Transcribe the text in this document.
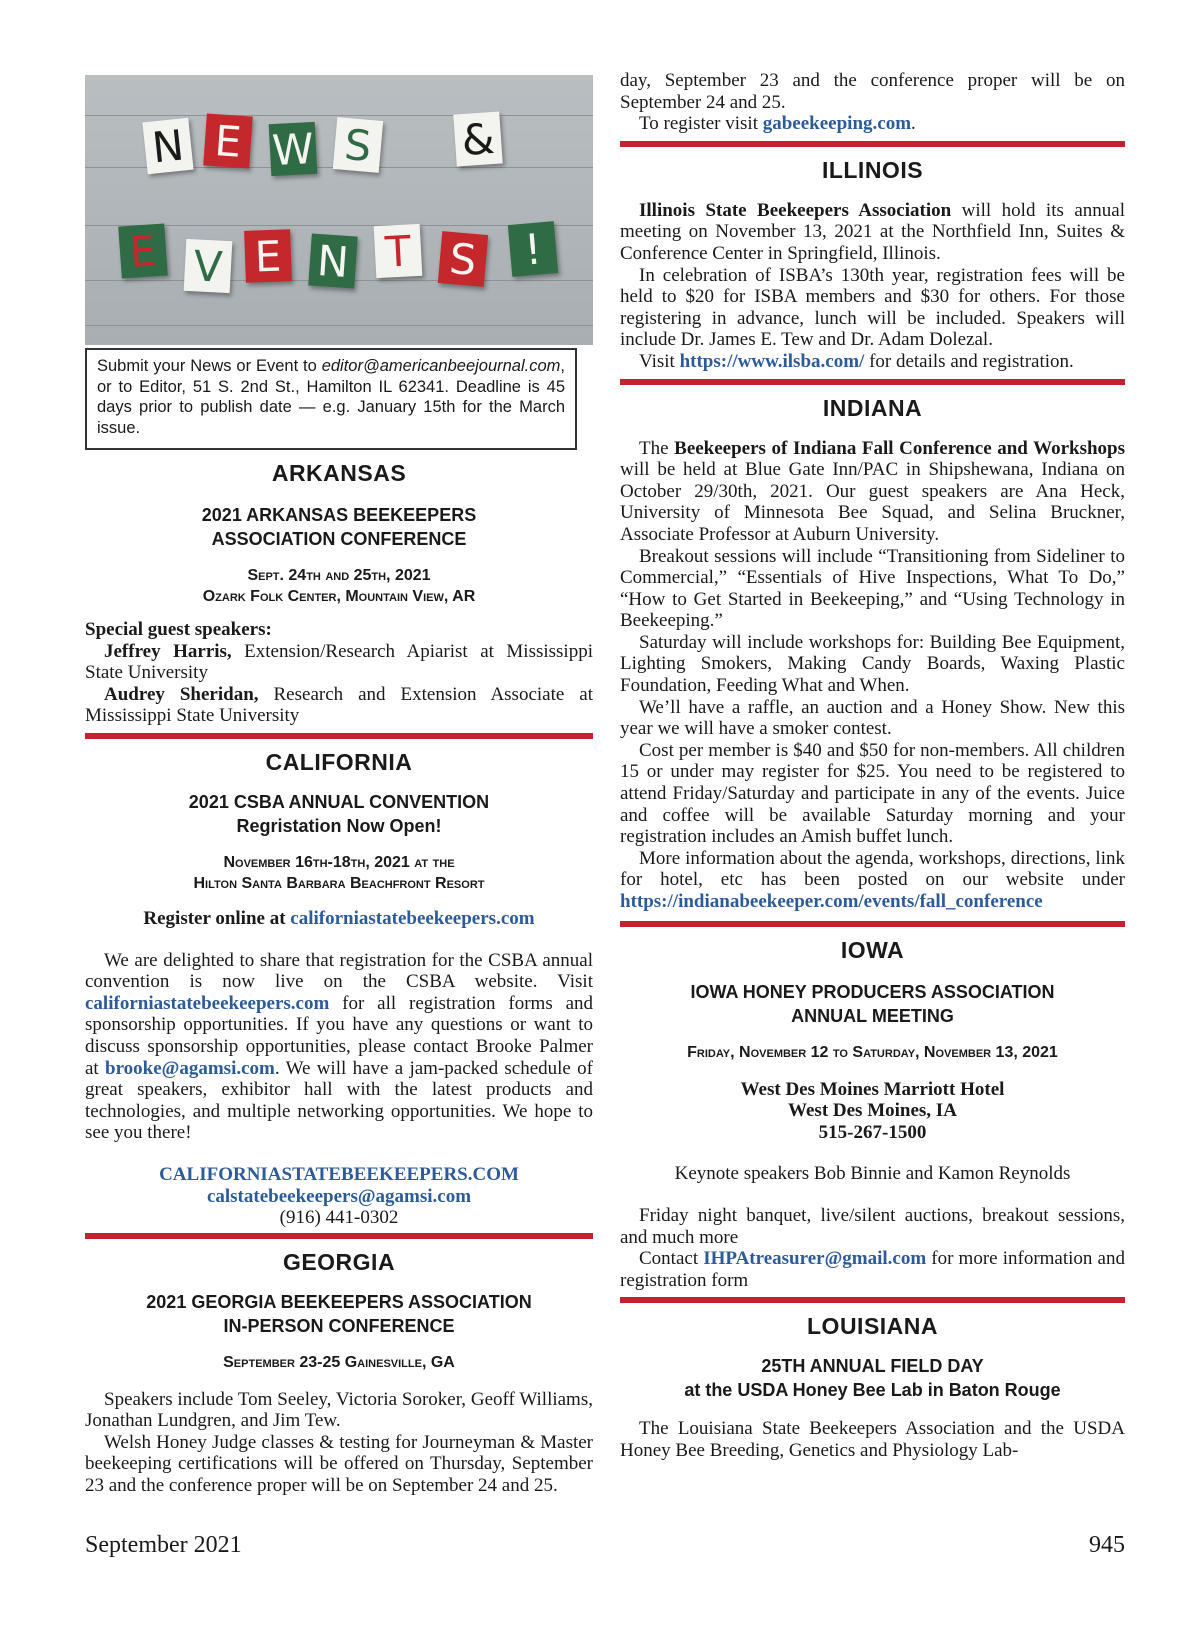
N E W S &
E V E N T S	!
Submit your News or Event to editor@americanbeejournal.com, or to Editor, 51 S. 2nd St., Hamilton IL 62341. Deadline is 45 days prior to publish date — e.g. January 15th for the March issue.
ARKANSAS
2021 ARKANSAS BEEKEEPERS
ASSOCIATION CONFERENCE
Sept. 24th and 25th, 2021
Ozark Folk Center, Mountain View, AR

Special guest speakers:

Jeffrey Harris, Extension/Research Apiarist at Mississippi State University

Audrey Sheridan, Research and Extension Associate at Mississippi State University

CALIFORNIA
2021 CSBA ANNUAL CONVENTION
Regristation Now Open!
November 16th-18th, 2021 at the
Hilton Santa Barbara Beachfront Resort

Register online at californiastatebeekeepers.com

We are delighted to share that registration for the CSBA annual convention is now live on the CSBA website. Visit californiastatebeekeepers.com for all registration forms and sponsorship opportunities. If you have any questions or want to discuss sponsorship opportunities, please contact Brooke Palmer at brooke@agamsi.com. We will have a jam-packed schedule of great speakers, exhibitor hall with the latest products and technologies, and multiple networking opportunities. We hope to see you there!

CALIFORNIASTATEBEEKEEPERS.COM

calstatebeekeepers@agamsi.com

(916) 441-0302

GEORGIA
2021 GEORGIA BEEKEEPERS ASSOCIATION
IN-PERSON CONFERENCE
September 23-25 Gainesville, GA

Speakers include Tom Seeley, Victoria Soroker, Geoff Williams, Jonathan Lundgren, and Jim Tew.

Welsh Honey Judge classes & testing for Journeyman & Master beekeeping certifications will be offered on Thursday, September 23 and the conference proper will be on September 24 and 25.

day, September 23 and the conference proper will be on September 24 and 25.

To register visit gabeekeeping.com.

ILLINOIS

Illinois State Beekeepers Association will hold its annual meeting on November 13, 2021 at the Northfield Inn, Suites & Conference Center in Springfield, Illinois.

In celebration of ISBA’s 130th year, registration fees will be held to $20 for ISBA members and $30 for others. For those registering in advance, lunch will be included. Speakers will include Dr. James E. Tew and Dr. Adam Dolezal.

Visit https://www.ilsba.com/ for details and registration.

INDIANA

The Beekeepers of Indiana Fall Conference and Workshops will be held at Blue Gate Inn/PAC in Shipshewana, Indiana on October 29/30th, 2021. Our guest speakers are Ana Heck, University of Minnesota Bee Squad, and Selina Bruckner, Associate Professor at Auburn University.

Breakout sessions will include “Transitioning from Sideliner to Commercial,” “Essentials of Hive Inspections, What To Do,” “How to Get Started in Beekeeping,” and “Using Technology in Beekeeping.”

Saturday will include workshops for: Building Bee Equipment, Lighting Smokers, Making Candy Boards, Waxing Plastic Foundation, Feeding What and When.

We’ll have a raffle, an auction and a Honey Show. New this year we will have a smoker contest.

Cost per member is $40 and $50 for non-members. All children 15 or under may register for $25. You need to be registered to attend Friday/Saturday and participate in any of the events. Juice and coffee will be available Saturday morning and your registration includes an Amish buffet lunch.

More information about the agenda, workshops, directions, link for hotel, etc has been posted on our website under https://indianabeekeeper.com/events/fall_conference

IOWA
IOWA HONEY PRODUCERS ASSOCIATION
ANNUAL MEETING
Friday, November 12 to Saturday, November 13, 2021

West Des Moines Marriott Hotel

West Des Moines, IA

515-267-1500

Keynote speakers Bob Binnie and Kamon Reynolds

Friday night banquet, live/silent auctions, breakout sessions, and much more

Contact IHPAtreasurer@gmail.com for more information and registration form

LOUISIANA
25TH ANNUAL FIELD DAY
at the USDA Honey Bee Lab in Baton Rouge

The Louisiana State Beekeepers Association and the USDA Honey Bee Breeding, Genetics and Physiology Lab-

September 2021	945
